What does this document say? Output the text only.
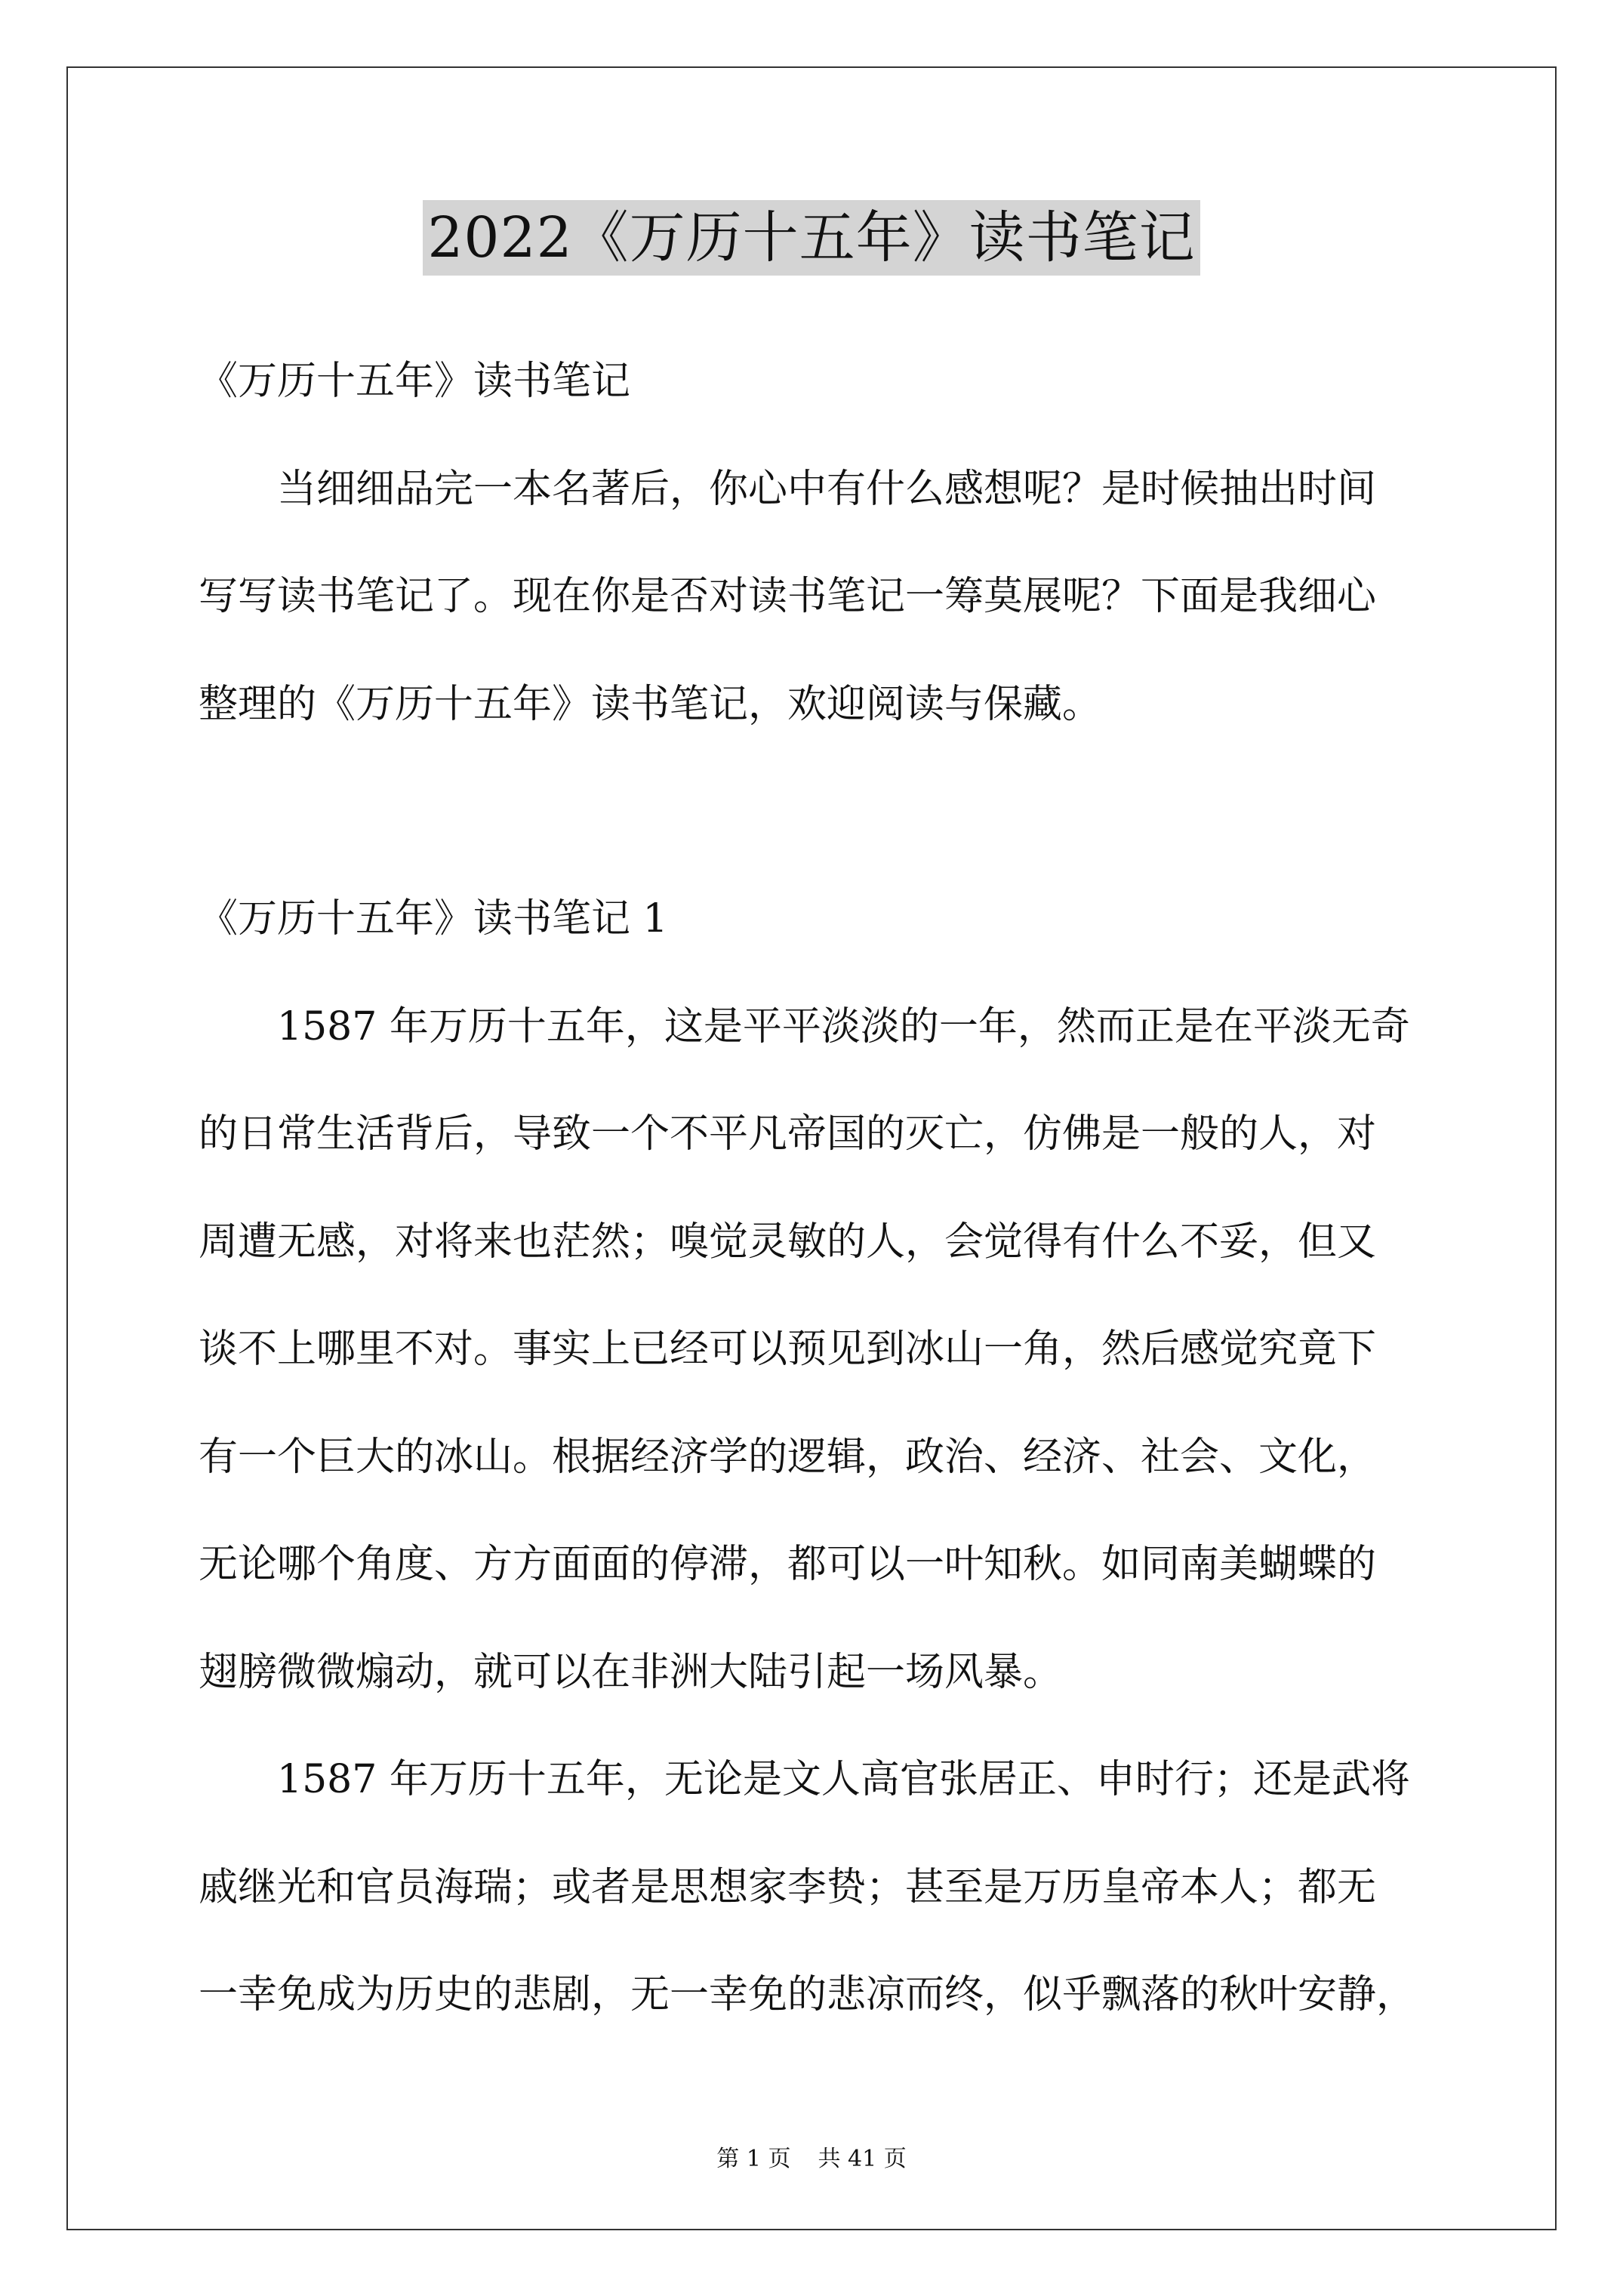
2022《万历十五年》读书笔记
《万历十五年》读书笔记
当细细品完一本名著后，你心中有什么感想呢？是时候抽出时间
写写读书笔记了。现在你是否对读书笔记一筹莫展呢？下面是我细心
整理的《万历十五年》读书笔记，欢迎阅读与保藏。
《万历十五年》读书笔记 1
1587 年万历十五年，这是平平淡淡的一年，然而正是在平淡无奇
的日常生活背后，导致一个不平凡帝国的灭亡，仿佛是一般的人，对
周遭无感，对将来也茫然；嗅觉灵敏的人，会觉得有什么不妥，但又
谈不上哪里不对。事实上已经可以预见到冰山一角，然后感觉究竟下
有一个巨大的冰山。根据经济学的逻辑，政治、经济、社会、文化，
无论哪个角度、方方面面的停滞，都可以一叶知秋。如同南美蝴蝶的
翅膀微微煽动，就可以在非洲大陆引起一场风暴。
1587 年万历十五年，无论是文人高官张居正、申时行；还是武将
戚继光和官员海瑞；或者是思想家李贽；甚至是万历皇帝本人；都无
一幸免成为历史的悲剧，无一幸免的悲凉而终，似乎飘落的秋叶安静，
第 1 页 共 41 页
